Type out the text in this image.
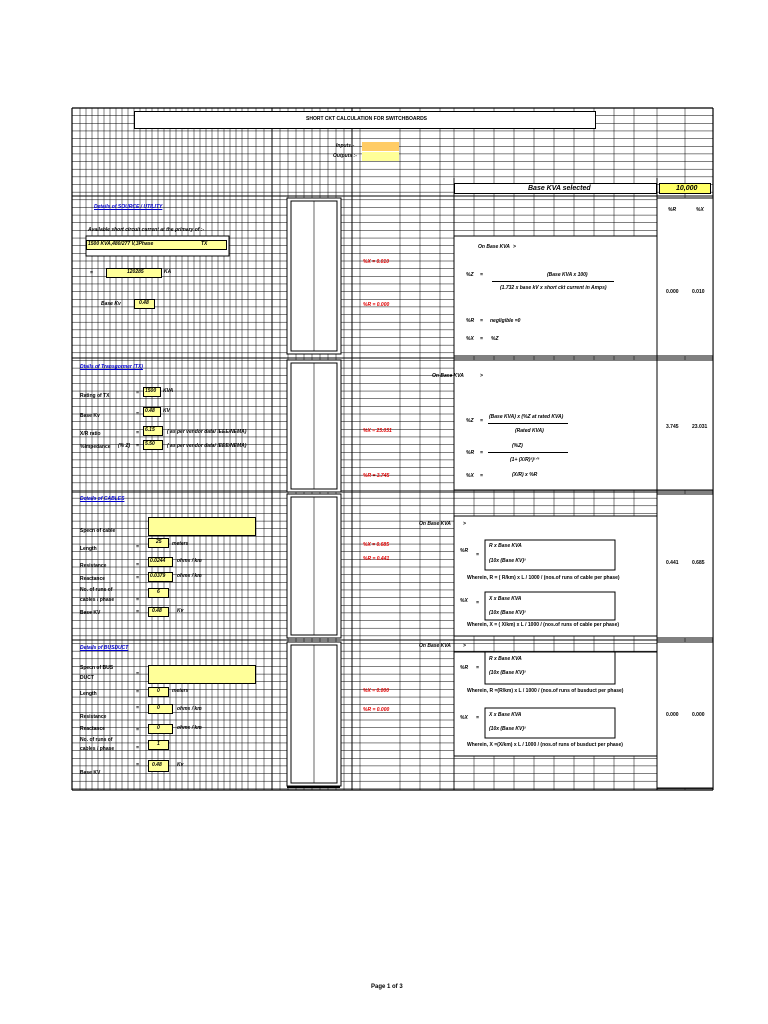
SHORT CKT CALCULATION FOR SWITCHBOARDS
Inputs:-
Outputs :-
Base KVA selected	10,000
%R	%X
Details of SOURCE / UTILITY
Available short circuit current at the primary of :-
1500 KVA,480/277 V,3Phase	TX
=	120285	KA
Base Kv	0.48
%X = 0.010
%R = 0.000
On Base KVA >
%Z =	(Base KVA x 100)
(1.732 x base kV x short ckt current in Amps)
%R = negligible =0
%X = %Z
0.000	0.010
Dtails of Transgormer (TX)
Rating of TX	= 1500 KVA
Base Kv	= 0.48 KV
X/R ratio	= 6.15 ( as per vendor data/ IEEE/NEMA)
%Impedance (% Z) = 5.50 ( as per vendor data/ IEEE/NEMA)
%X = 23.031
%R = 3.745
On Base KVA	>
%Z =
(Base KVA) x (%Z at rated KVA)
(Rated KVA)
%R =
(%Z)
(1+ (X/R)²)¹ᐟ²
%X =	(X/R) x %R
3.745	23.031
Details of CABLES
Specn of cable
Length	=
25 meters
Resistance	=
0.0244 ohms / km
Reactance	= 0.0379 ohms / km
No. of runs of
cables / phase	=
6
Base KV	=	0.48	Kv
%X = 0.685
%R = 0.441
On Base KVA >
%R
=
R x Base KVA
(10x (Base KV)²
Wherein, R = ( R/km) x L / 1000 / (nos.of runs of cable per phase)
%X =
X x Base KVA
(10x (Base KV)²
Wherein, X = ( X/km) x L / 1000 / (nos.of runs of cable per phase)
0.441	0.685
Details of BUSDUCT
Specn of BUS
DUCT
=
Length	=	0 meters
Resistance
=	0	ohms / km
Reactance	=	0	ohms / km
No. of runs of
cables / phase	=
1
Base KV
=	0.48	Kv
%X = 0.000
%R = 0.000
On Base KVA >
%R =
R x Base KVA
(10x (Base KV)²
Wherein, R =(R/km) x L / 1000 / (nos.of runs of busduct per phase)
%X = X x Base KVA
(10x (Base KV)²
Wherein, X =(X/km) x L / 1000 / (nos.of runs of busduct per phase)
0.000	0.000
Page 1 of 3
